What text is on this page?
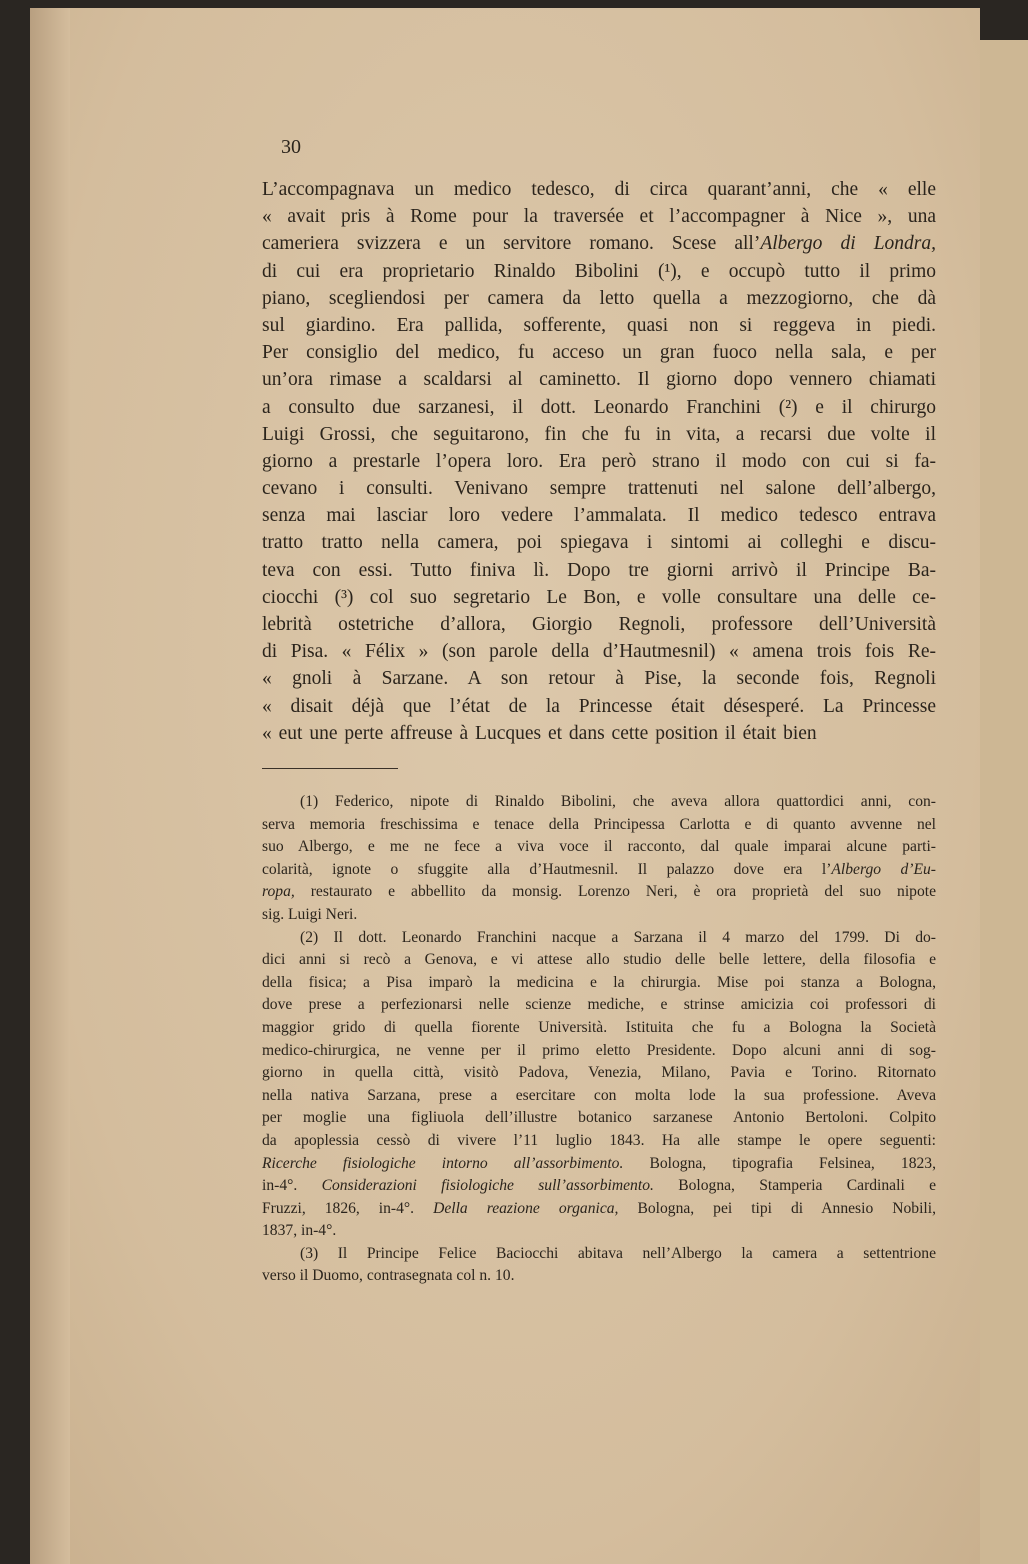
30
L’accompagnava un medico tedesco, di circa quarant’anni, che « elle
« avait pris à Rome pour la traversée et l’accompagner à Nice », una
cameriera svizzera e un servitore romano. Scese all’Albergo di Londra,
di cui era proprietario Rinaldo Bibolini (¹), e occupò tutto il primo
piano, scegliendosi per camera da letto quella a mezzogiorno, che dà
sul giardino. Era pallida, sofferente, quasi non si reggeva in piedi.
Per consiglio del medico, fu acceso un gran fuoco nella sala, e per
un’ora rimase a scaldarsi al caminetto. Il giorno dopo vennero chiamati
a consulto due sarzanesi, il dott. Leonardo Franchini (²) e il chirurgo
Luigi Grossi, che seguitarono, fin che fu in vita, a recarsi due volte il
giorno a prestarle l’opera loro. Era però strano il modo con cui si fa-
cevano i consulti. Venivano sempre trattenuti nel salone dell’albergo,
senza mai lasciar loro vedere l’ammalata. Il medico tedesco entrava
tratto tratto nella camera, poi spiegava i sintomi ai colleghi e discu-
teva con essi. Tutto finiva lì. Dopo tre giorni arrivò il Principe Ba-
ciocchi (³) col suo segretario Le Bon, e volle consultare una delle ce-
lebrità ostetriche d’allora, Giorgio Regnoli, professore dell’Università
di Pisa. « Félix » (son parole della d’Hautmesnil) « amena trois fois Re-
« gnoli à Sarzane. A son retour à Pise, la seconde fois, Regnoli
« disait déjà que l’état de la Princesse était désesperé. La Princesse
« eut une perte affreuse à Lucques et dans cette position il était bien
(1) Federico, nipote di Rinaldo Bibolini, che aveva allora quattordici anni, con-
serva memoria freschissima e tenace della Principessa Carlotta e di quanto avvenne nel
suo Albergo, e me ne fece a viva voce il racconto, dal quale imparai alcune parti-
colarità, ignote o sfuggite alla d’Hautmesnil. Il palazzo dove era l’Albergo d’Eu-
ropa, restaurato e abbellito da monsig. Lorenzo Neri, è ora proprietà del suo nipote
sig. Luigi Neri.
(2) Il dott. Leonardo Franchini nacque a Sarzana il 4 marzo del 1799. Di do-
dici anni si recò a Genova, e vi attese allo studio delle belle lettere, della filosofia e
della fisica; a Pisa imparò la medicina e la chirurgia. Mise poi stanza a Bologna,
dove prese a perfezionarsi nelle scienze mediche, e strinse amicizia coi professori di
maggior grido di quella fiorente Università. Istituita che fu a Bologna la Società
medico-chirurgica, ne venne per il primo eletto Presidente. Dopo alcuni anni di sog-
giorno in quella città, visitò Padova, Venezia, Milano, Pavia e Torino. Ritornato
nella nativa Sarzana, prese a esercitare con molta lode la sua professione. Aveva
per moglie una figliuola dell’illustre botanico sarzanese Antonio Bertoloni. Colpito
da apoplessia cessò di vivere l’11 luglio 1843. Ha alle stampe le opere seguenti:
Ricerche fisiologiche intorno all’assorbimento. Bologna, tipografia Felsinea, 1823,
in-4°. Considerazioni fisiologiche sull’assorbimento. Bologna, Stamperia Cardinali e
Fruzzi, 1826, in-4°. Della reazione organica, Bologna, pei tipi di Annesio Nobili,
1837, in-4°.
(3) Il Principe Felice Baciocchi abitava nell’Albergo la camera a settentrione
verso il Duomo, contrasegnata col n. 10.
